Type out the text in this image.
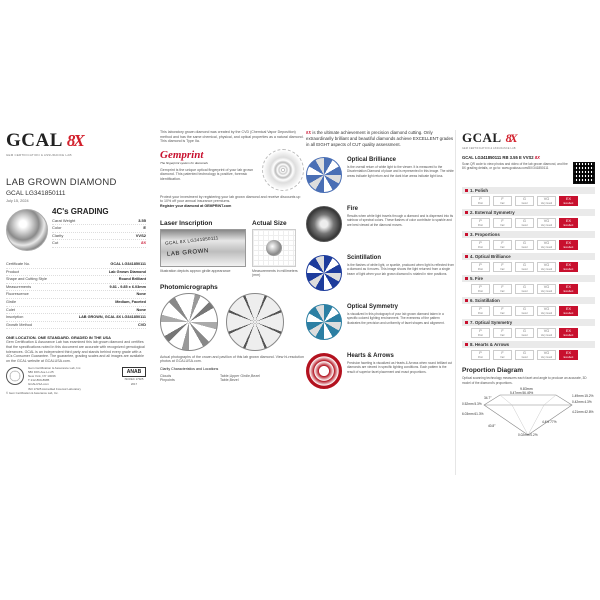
GCAL 8X
GEM CERTIFICATION & ASSURANCE LAB
LAB GROWN DIAMOND
GCAL LG341850111
July 15, 2024
4C's GRADING
Carat Weight	3.55
Color	E
Clarity	VVS2
Cut	8X
Certificate No.	GCAL LG341850111
Product	Lab Grown Diamond
Shape and Cutting Style	Round Brilliant
Measurements	9.81 - 9.85 x 6.03mm
Fluorescence	None
Girdle	Medium, Faceted
Culet	None
Inscription	LAB GROWN, GCAL 8X LG341850111
Growth Method	CVD
ONE LOCATION. ONE STANDARD. GRADED IN THE USA
Gem Certification & Assurance Lab has examined this lab grown diamond and certifies that the specifications noted in this document are accurate with recognized gemological tolerances. GCAL is an independent third party and stands behind every grade with a 4Cs Consumer Guarantee. The guarantee, grading scales and all images are available on the GCAL website at GCALUSA.com.
Gem Certification & Assurance Lab, Inc.
580 Fifth Ave Lc.25
New York, NY 10036
T 212-869-8985
GCALUSA.com
ANAB
ISO/IEC 17025 2017
ISO 17025 Accredited Forensic Laboratory
© Gem Certification & Assurance Lab, Inc.
This laboratory grown diamond was created by the CVD (Chemical Vapor Deposition) method and has the same chemical, physical, and optical properties as a natural diamond. This diamond is Type IIa.
Gemprint
The fingerprint system for diamonds
Gemprint is the unique optical fingerprint of your lab grown diamond. This patented technology is positive, forensic identification.
Protect your investment by registering your lab grown diamond and receive discounts up to 10% off your annual insurance premiums.
Register your diamond at GEMPRINT.com
Laser Inscription
GCAL 8X LG341850111
LAB GROWN
Illustration depicts approx girdle appearance
Actual Size
Measurements in millimeters (mm)
Photomicrographs
Actual photographs of the crown and pavilion of this lab grown diamond. View hi-resolution photos at GCALUSA.com.
Clarity Characteristics and Locations
Clouds	Table,Upper Girdle,Bezel
Pinpoints	Table,Bezel
8X is the ultimate achievement in precision diamond cutting. Only extraordinarily brilliant and beautiful diamonds achieve EXCELLENT grades in all EIGHT aspects of CUT quality assessment.
Optical Brilliance
Is the overall return of white light to the viewer. It is measured to the Disorientation Diamond of place and is represented in this image. The white areas indicate light return and the dark blue areas indicate light loss.
Fire
Results when white light travels through a diamond and is dispersed into its rainbow of spectral colors. These flashes of color contribute to sparkle and are best viewed at the diamond moves.
Scintillation
Is the flashes of white light, or sparkle, produced when light is reflected from a diamond as it moves. This image shows the light returned from a single beam of light when your lab grown diamond is rotated in nine positions.
Optical Symmetry
Is visualized in this photograph of your lab grown diamond taken in a specific colored lighting environment. The evenness of the pattern illustrates the precision and uniformity of facet shapes and alignment.
Hearts & Arrows
Precision faceting is visualized as Hearts & Arrows when round brilliant cut diamonds are viewed in specific lighting conditions. Each pattern is the result of superior facet placement and exact proportions.
GCAL 8X
GEM CERTIFICATION & ASSURANCE LAB
GCAL LG341850111 RB 3.55 E VVS2 8X
Scan QR code to view photos and video of the lab grown diamond, and the 8X grading details, or go to: www.gcalusa.com/8X/341850111
1. Polish
P
Poor
F
Fair
G
Good
VG
Very Good
EX
Excellent
2. External Symmetry
P
Poor
F
Fair
G
Good
VG
Very Good
EX
Excellent
3. Proportions
P
Poor
F
Fair
G
Good
VG
Very Good
EX
Excellent
4. Optical Brilliance
P
Poor
F
Fair
G
Good
VG
Very Good
EX
Excellent
5. Fire
P
Poor
F
Fair
G
Good
VG
Very Good
EX
Excellent
6. Scintillation
P
Poor
F
Fair
G
Good
VG
Very Good
EX
Excellent
7. Optical Symmetry
P
Poor
F
Fair
G
Good
VG
Very Good
EX
Excellent
8. Hearts & Arrows
P
Poor
F
Fair
G
Good
VG
Very Good
EX
Excellent
Proportion Diagram
Optical scanning technology measures each facet and angle to produce an accurate, 3D model of the diamond's proportions.
9.83mm
5.47mm 56.49%
34.7°
0.52mm 5.3%
6.03mm 61.3%
40.8°
0.02mm 0.2%
1.49mm 15.2%
0.42mm 4.3%
4.21mm 42.8%
4.4% 77%
